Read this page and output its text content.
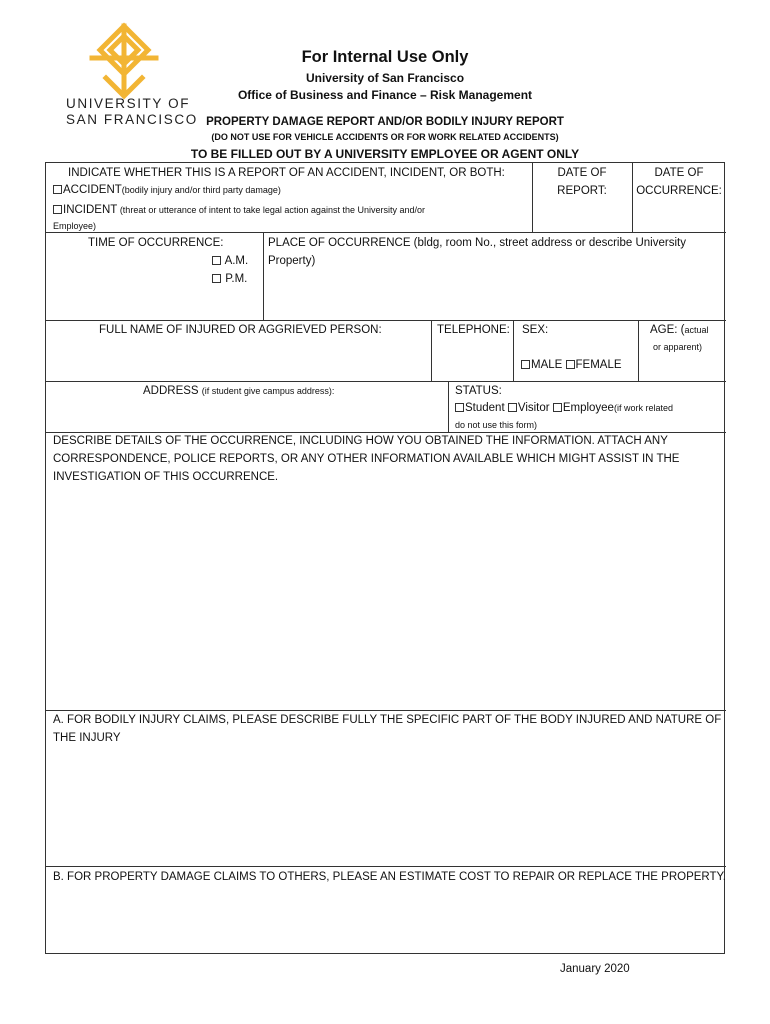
UNIVERSITY OF
SAN FRANCISCO
For Internal Use Only
University of San Francisco
Office of Business and Finance – Risk Management
PROPERTY DAMAGE REPORT AND/OR BODILY INJURY REPORT
(DO NOT USE FOR VEHICLE ACCIDENTS OR FOR WORK RELATED ACCIDENTS)
TO BE FILLED OUT BY A UNIVERSITY EMPLOYEE OR AGENT ONLY
INDICATE WHETHER THIS IS A REPORT OF AN ACCIDENT, INCIDENT, OR BOTH:
ACCIDENT(bodily injury and/or third party damage)
INCIDENT (threat or utterance of intent to take legal action against the University and/or
Employee)
DATE OF
REPORT:
DATE OF
OCCURRENCE:
TIME OF OCCURRENCE:
A.M.
P.M.
PLACE OF OCCURRENCE (bldg, room No., street address or describe University
Property)
FULL NAME OF INJURED OR AGGRIEVED PERSON:	TELEPHONE: SEX:
MALE FEMALE
AGE: (actual
or apparent)
ADDRESS (if student give campus address):	STATUS:
Student Visitor Employee(if work related
do not use this form)
DESCRIBE DETAILS OF THE OCCURRENCE, INCLUDING HOW YOU OBTAINED THE INFORMATION. ATTACH ANY
CORRESPONDENCE, POLICE REPORTS, OR ANY OTHER INFORMATION AVAILABLE WHICH MIGHT ASSIST IN THE
INVESTIGATION OF THIS OCCURRENCE.
A. FOR BODILY INJURY CLAIMS, PLEASE DESCRIBE FULLY THE SPECIFIC PART OF THE BODY INJURED AND NATURE OF
THE INJURY
B. FOR PROPERTY DAMAGE CLAIMS TO OTHERS, PLEASE AN ESTIMATE COST TO REPAIR OR REPLACE THE PROPERTY.
January 2020
